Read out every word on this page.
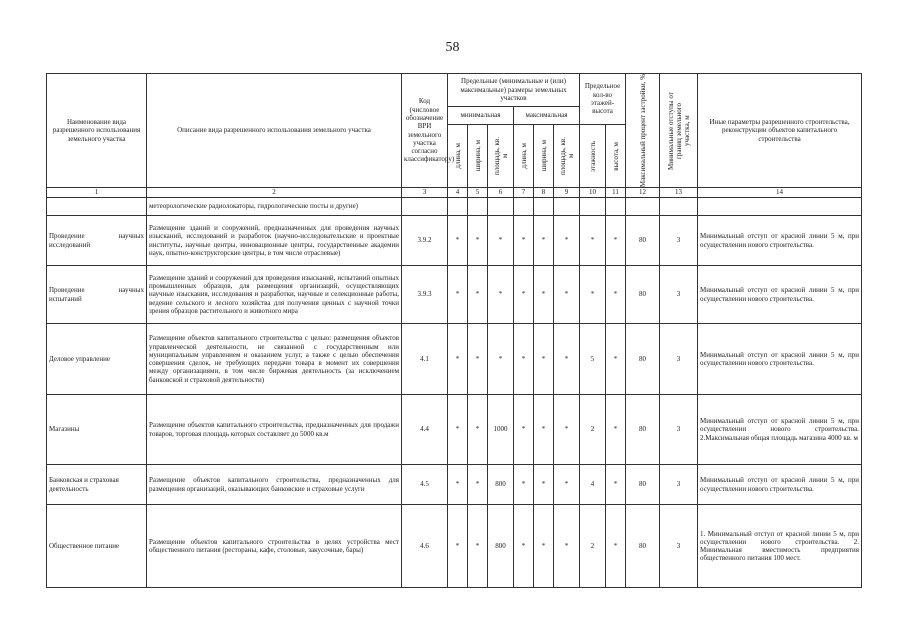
58
Наименование вида разрешенного использования земельного участка	Описание вида разрешенного использования земельного участка	Код (числовое обозначение ВРИ земельного участка согласно классификатору)	Предельные (минимальные и (или) максимальные) размеры земельных участков						Предельное кол-во этажей-высота		Максимальный процент застройки, %	Минимальные отступы от границ земельного участка, м	Иные параметры разрешенного строительства, реконструкции объектов капитального строительства
			минимальная			максимальная							

			длина, м	ширина, м	площадь, кв. м	длина, м	ширина, м	площадь, кв. м	этажность	высота, м			

1	2	3	4	5	6	7	8	9	10	11	12	13	14
	метеорологические радиолокаторы, гидрологические посты и другие)												
Проведение научных исследований	Размещение зданий и сооружений, предназначенных для проведения научных изысканий, исследований и разработок (научно-исследовательские и проектные институты, научные центры, инновационные центры, государственные академии наук, опытно-конструкторские центры, в том числе отраслевые)	3.9.2	*	*	*	*	*	*	*	*	80	3	Минимальный отступ от красной линии 5 м, при осуществлении нового строительства.
Проведение научных испытаний	Размещение зданий и сооружений для проведения изысканий, испытаний опытных промышленных образцов, для размещения организаций, осуществляющих научные изыскания, исследования и разработки, научные и селекционные работы, ведение сельского и лесного хозяйства для получения ценных с научной точки зрения образцов растительного и животного мира	3.9.3	*	*	*	*	*	*	*	*	80	3	Минимальный отступ от красной линии 5 м, при осуществлении нового строительства.
Деловое управление	Размещение объектов капитального строительства с целью: размещения объектов управленческой деятельности, не связанной с государственным или муниципальным управлением и оказанием услуг, а также с целью обеспечения совершения сделок, не требующих передачи товара в момент их совершения между организациями, в том числе биржевая деятельность (за исключением банковской и страховой деятельности)	4.1	*	*	*	*	*	*	5	*	80	3	Минимальный отступ от красной линии 5 м, при осуществлении нового строительства.
Магазины	Размещение объектов капитального строительства, предназначенных для продажи товаров, торговая площадь которых составляет до 5000 кв.м	4.4	*	*	1000	*	*	*	2	*	80	3	Минимальный отступ от красной линии 5 м, при осуществлении нового строительства. 2.Максимальная общая площадь магазина 4000 кв. м
Банковская и страховая деятельность	Размещение объектов капитального строительства, предназначенных для размещения организаций, оказывающих банковские и страховые услуги	4.5	*	*	800	*	*	*	4	*	80	3	Минимальный отступ от красной линии 5 м, при осуществлении нового строительства.
Общественное питание	Размещение объектов капитального строительства в целях устройства мест общественного питания (рестораны, кафе, столовые, закусочные, бары)	4.6	*	*	800	*	*	*	2	*	80	3	1. Минимальный отступ от красной линии 5 м, при осуществлении нового строительства. 2. Минимальная вместимость предприятия общественного питания 100 мест.
